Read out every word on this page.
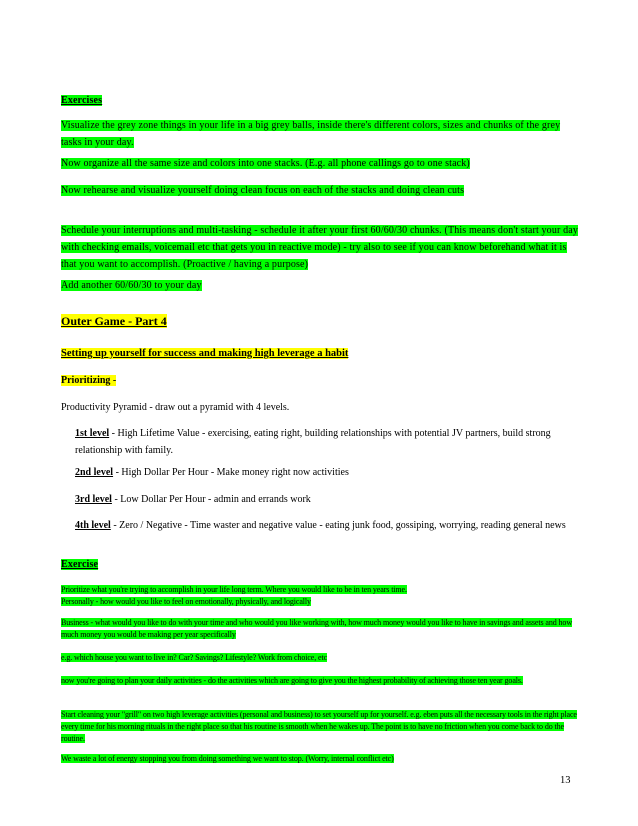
Exercises

Visualize the grey zone things in your life in a big grey balls, inside there's different colors, sizes and chunks of the grey tasks in your day.

Now organize all the same size and colors into one stacks. (E.g. all phone callings go to one stack)

Now rehearse and visualize yourself doing clean focus on each of the stacks and doing clean cuts

Schedule your interruptions and multi-tasking - schedule it after your first 60/60/30 chunks. (This means don't start your day with checking emails, voicemail etc that gets you in reactive mode) - try also to see if you can know beforehand what it is that you want to accomplish. (Proactive / having a purpose)

Add another 60/60/30 to your day

Outer Game - Part 4

Setting up yourself for success and making high leverage a habit

Prioritizing -

Productivity Pyramid - draw out a pyramid with 4 levels.

1st level - High Lifetime Value - exercising, eating right, building relationships with potential JV partners, build strong relationship with family.

2nd level - High Dollar Per Hour - Make money right now activities

3rd level - Low Dollar Per Hour - admin and errands work

4th level - Zero / Negative - Time waster and negative value - eating junk food, gossiping, worrying, reading general news

Exercise

Prioritize what you're trying to accomplish in your life long term. Where you would like to be in ten years time.
Personally - how would you like to feel on emotionally, physically, and logically

Business - what would you like to do with your time and who would you like working with, how much money would you like to have in savings and assets and how much money you would be making per year specifically

e.g. which house you want to live in? Car? Savings? Lifestyle? Work from choice, etc

now you're going to plan your daily activities - do the activities which are going to give you the highest probability of achieving those ten year goals.

Start cleaning your "grill" on two high leverage activities (personal and business) to set yourself up for yourself. e.g. eben puts all the necessary tools in the right place every time for his morning rituals in the right place so that his routine is smooth when he wakes up. The point is to have no friction when you come back to do the routine.

We waste a lot of energy stopping you from doing something we want to stop. (Worry, internal conflict etc)

13
